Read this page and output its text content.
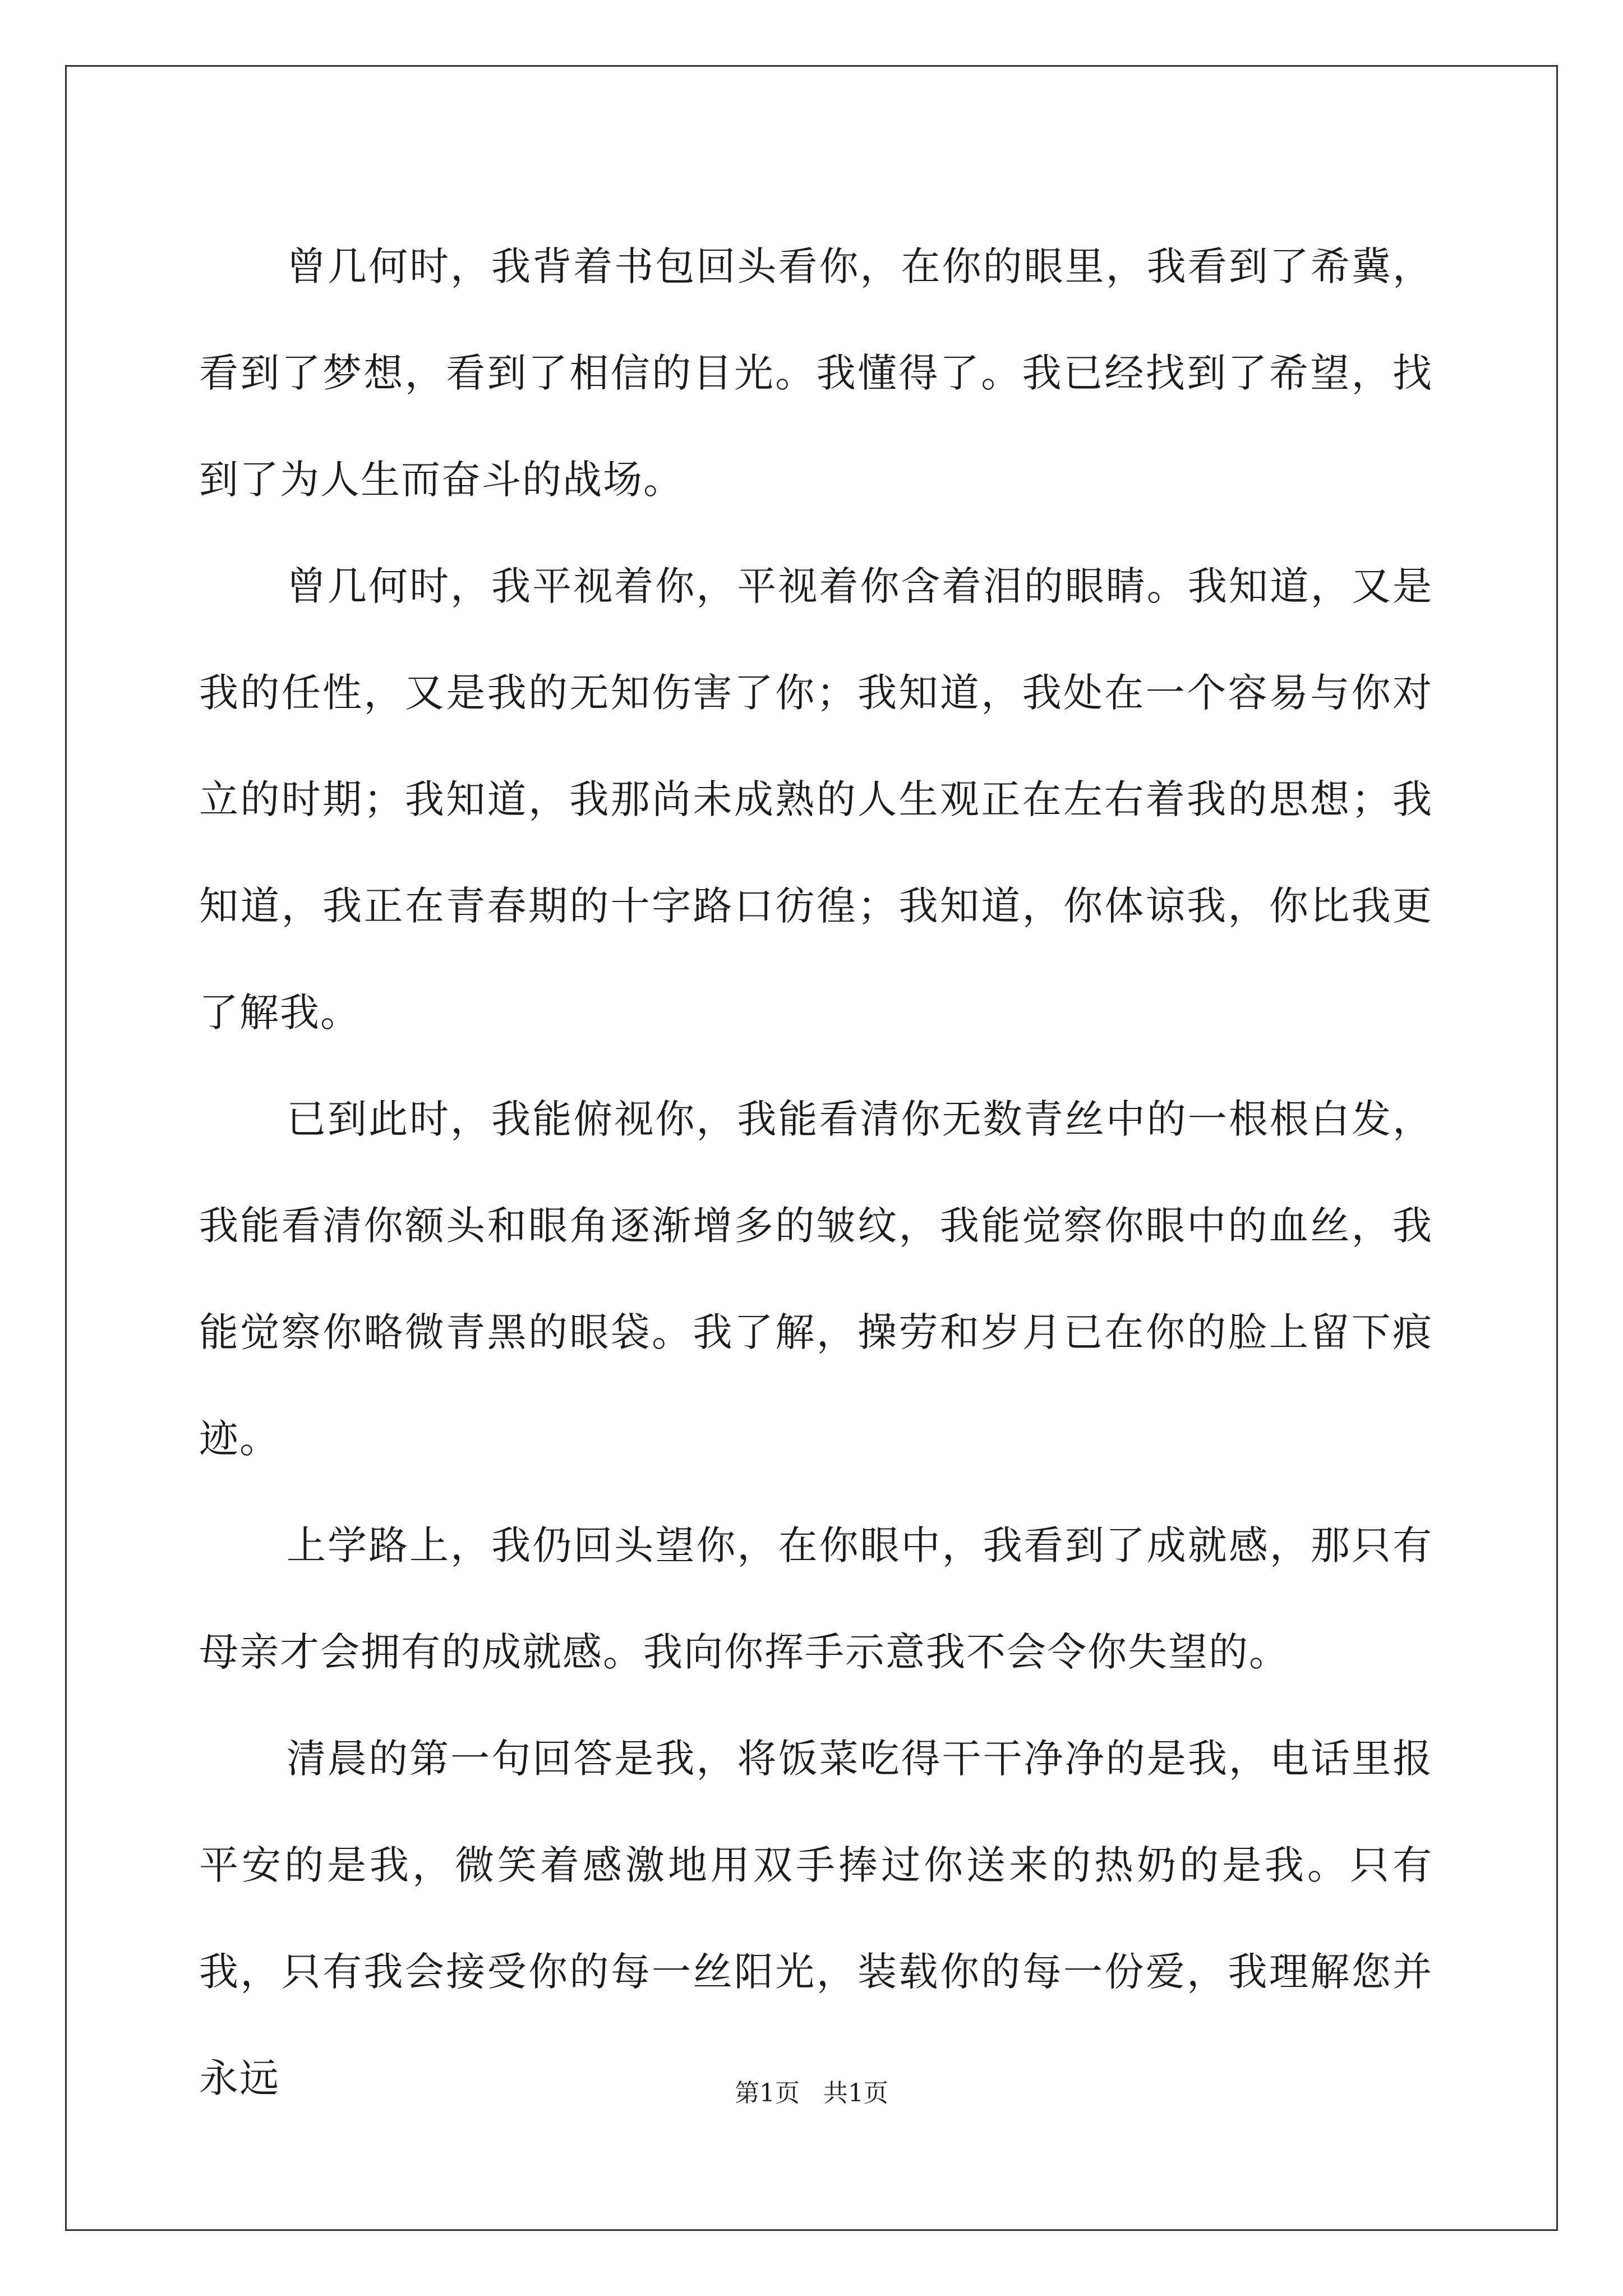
曾几何时，我背着书包回头看你，在你的眼里，我看到了希冀，看到了梦想，看到了相信的目光。我懂得了。我已经找到了希望，找到了为人生而奋斗的战场。

曾几何时，我平视着你，平视着你含着泪的眼睛。我知道，又是我的任性，又是我的无知伤害了你；我知道，我处在一个容易与你对立的时期；我知道，我那尚未成熟的人生观正在左右着我的思想；我知道，我正在青春期的十字路口彷徨；我知道，你体谅我，你比我更了解我。

已到此时，我能俯视你，我能看清你无数青丝中的一根根白发，我能看清你额头和眼角逐渐增多的皱纹，我能觉察你眼中的血丝，我能觉察你略微青黑的眼袋。我了解，操劳和岁月已在你的脸上留下痕迹。

上学路上，我仍回头望你，在你眼中，我看到了成就感，那只有母亲才会拥有的成就感。我向你挥手示意我不会令你失望的。

清晨的第一句回答是我，将饭菜吃得干干净净的是我，电话里报平安的是我，微笑着感激地用双手捧过你送来的热奶的是我。只有我，只有我会接受你的每一丝阳光，装载你的每一份爱，我理解您并永远	第1页   共1页
